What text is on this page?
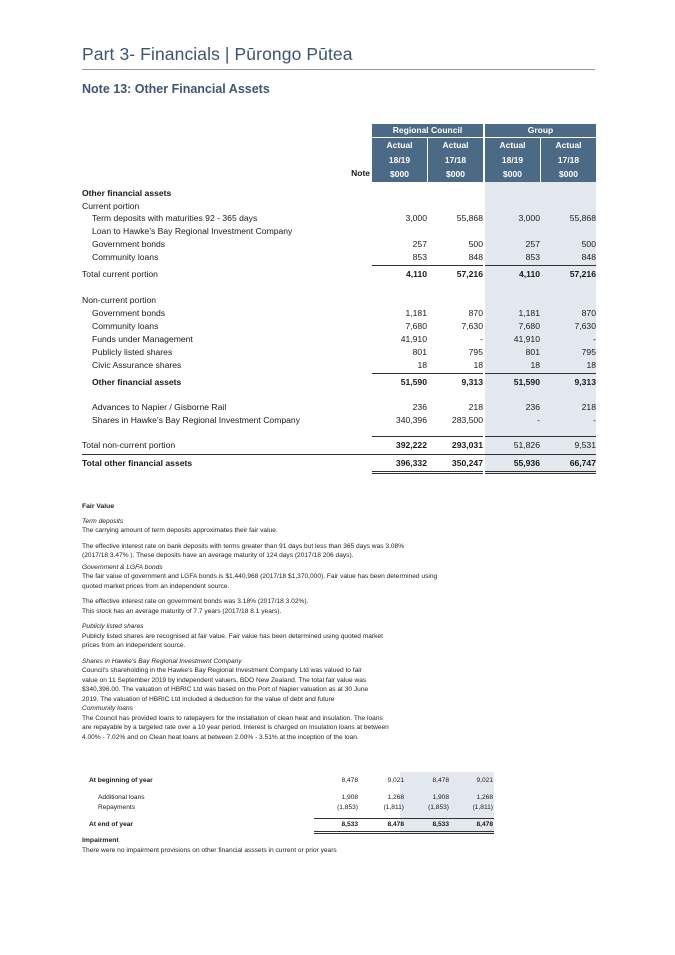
Part 3- Financials | Pūrongo Pūtea
Note 13: Other Financial Assets
Regional Council	Group
Actual	Actual	Actual	Actual
18/19	17/18	18/19	17/18
$000	$000	$000	$000
Note
Other financial assets
Current portion
Term deposits with maturities 92 - 365 days	3,000	55,868	3,000	55,868
Loan to Hawke's Bay Regional Investment Company
Government bonds	257	500	257	500
Community loans	853	848	853	848
Total current portion	4,110	57,216	4,110	57,216
Non-current portion
Government bonds	1,181	870	1,181	870
Community loans	7,680	7,630	7,680	7,630
Funds under Management	41,910	-	41,910	-
Publicly listed shares	801	795	801	795
Civic Assurance shares	18	18	18	18
Other financial assets	51,590	9,313	51,590	9,313
Advances to Napier / Gisborne Rail	236	218	236	218
Shares in Hawke's Bay Regional Investment Company	340,396	283,500	-	-
Total non-current portion	392,222	293,031	51,826	9,531
Total other financial assets	396,332	350,247	55,936	66,747
Fair Value
Term deposits
The carrying amount of term deposits approximates their fair value.
The effective interest rate on bank deposits with terms greater than 91 days but less than 365 days was 3.08%
(2017/18 3.47% ). These deposits have an average maturity of 124 days (2017/18 206 days).
Government & LGFA bonds
The fair value of government and LGFA bonds is $1,440,968 (2017/18 $1,370,000). Fair value has been determined using
quoted market prices from an independent source.
The effective interest rate on government bonds was 3.18% (2017/18 3.02%).
This stock has an average maturity of 7.7 years (2017/18 8.1 years).
Publicly listed shares
Publicly listed shares are recognised at fair value. Fair value has been determined using quoted market
prices from an independent source.
Shares in Hawke's Bay Regional Investment Company
Council's shareholding in the Hawke's Bay Regional Investment Company Ltd was valued to fair
value on 11 September 2019 by independent valuers, BDO New Zealand. The total fair value was
$340,396.00. The valuation of HBRIC Ltd was based on the Port of Napier valuation as at 30 June
2019. The valuation of HBRIC Ltd included a deduction for the value of debt and future
Community loans
The Council has provided loans to ratepayers for the installation of clean heat and insulation. The loans
are repayable by a targeted rate over a 10 year period. Interest is charged on Insulation loans at between
4.00% - 7.02% and on Clean heat loans at between 2.00% - 3.51% at the inception of the loan.
At beginning of year	8,478	9,021	8,478	9,021
Additional loans	1,908	1,268	1,908	1,268
Repayments	(1,853)	(1,811)	(1,853)	(1,811)
At end of year	8,533	8,478	8,533	8,478
Impairment
There were no impairment provisions on other financial asssets in current or prior years
